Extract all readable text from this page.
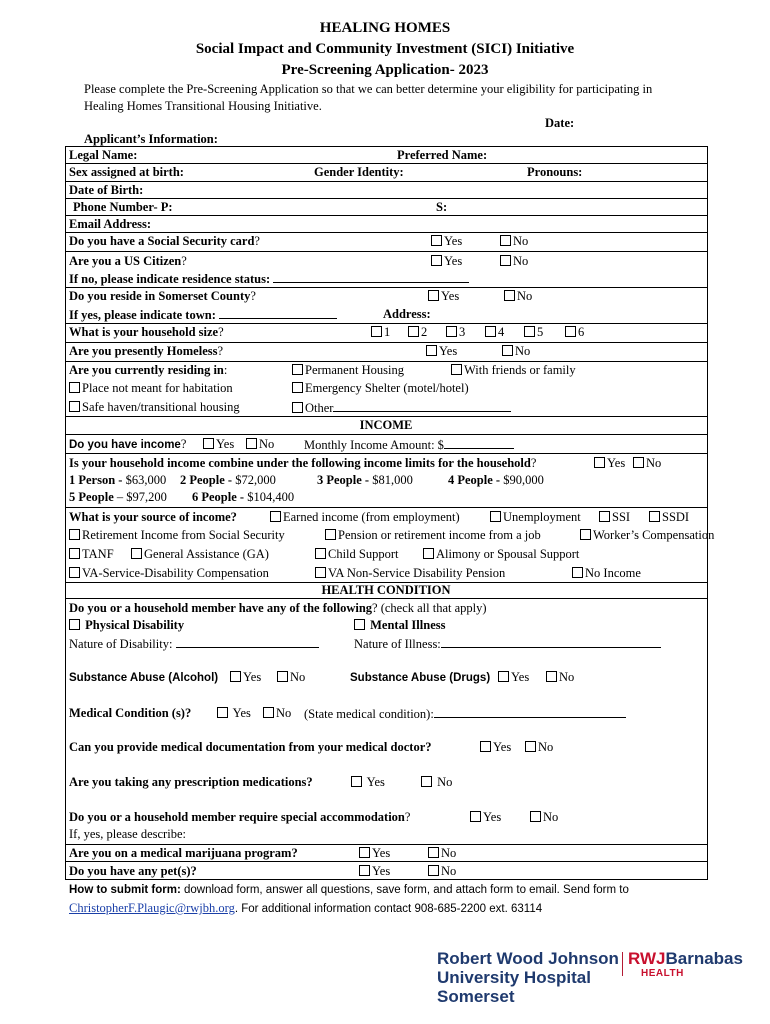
HEALING HOMES
Social Impact and Community Investment (SICI) Initiative
Pre-Screening Application- 2023
Please complete the Pre-Screening Application so that we can better determine your eligibility for participating in Healing Homes Transitional Housing Initiative.
Date:
Applicant’s Information:
Legal Name:	Preferred Name:
Sex assigned at birth:	Gender Identity:	Pronouns:
Date of Birth:
Phone Number- P:	S:
Email Address:
Do you have a Social Security card?	Yes	No
Are you a US Citizen?	Yes	No
If no, please indicate residence status:
Do you reside in Somerset County?	Yes	No
If yes, please indicate town:	Address:
What is your household size?	1	2	3	4	5	6
Are you presently Homeless?	Yes	No
Are you currently residing in:	Permanent Housing	With friends or family
Place not meant for habitation	Emergency Shelter (motel/hotel)
Safe haven/transitional housing	Other
INCOME
Do you have income?	Yes	No Monthly Income Amount: $
Is your household income combine under the following income limits for the household?	Yes	No
1 Person - $63,000 2 People - $72,000	3 People - $81,000	4 People - $90,000
5 People – $97,200 6 People - $104,400
What is your source of income?	Earned income (from employment)	Unemployment	SSI	SSDI
Retirement Income from Social Security	Pension or retirement income from a job	Worker’s Compensation
TANF	General Assistance (GA)	Child Support	Alimony or Spousal Support
VA-Service-Disability Compensation	VA Non-Service Disability Pension	No Income
HEALTH CONDITION
Do you or a household member have any of the following? (check all that apply)
Physical Disability	Mental Illness
Nature of Disability:	Nature of Illness:
Substance Abuse (Alcohol)	Yes	No	Substance Abuse (Drugs)	Yes	No
Medical Condition (s)?	Yes	No (State medical condition):
Can you provide medical documentation from your medical doctor?	Yes	No
Are you taking any prescription medications?	Yes	No
Do you or a household member require special accommodation?	Yes	No
If, yes, please describe:
Are you on a medical marijuana program?	Yes	No
Do you have any pet(s)?	Yes	No
How to submit form: download form, answer all questions, save form, and attach form to email. Send form to
ChristopherF.Plaugic@rwjbh.org. For additional information contact 908-685-2200 ext. 63114
Robert Wood Johnson
University Hospital
Somerset
RWJBarnabas
HEALTH
